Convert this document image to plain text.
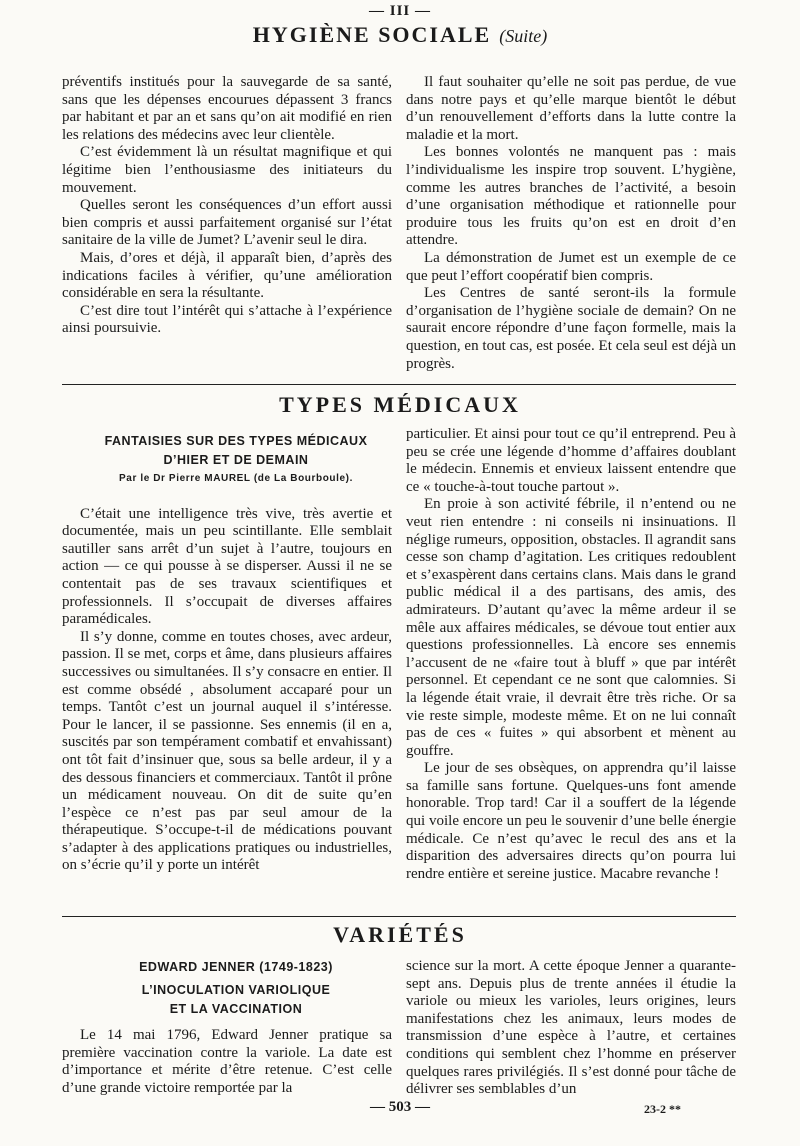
— III —
HYGIÈNE SOCIALE (Suite)

préventifs institués pour la sauvegarde de sa santé, sans que les dépenses encourues dépassent 3 francs par habitant et par an et sans qu’on ait modifié en rien les relations des médecins avec leur clientèle.

C’est évidemment là un résultat magnifique et qui légitime bien l’enthousiasme des initiateurs du mouvement.

Quelles seront les conséquences d’un effort aussi bien compris et aussi parfaitement organisé sur l’état sanitaire de la ville de Jumet? L’avenir seul le dira.

Mais, d’ores et déjà, il apparaît bien, d’après des indications faciles à vérifier, qu’une amélioration considérable en sera la résultante.

C’est dire tout l’intérêt qui s’attache à l’expérience ainsi poursuivie.

Il faut souhaiter qu’elle ne soit pas perdue, de vue dans notre pays et qu’elle marque bientôt le début d’un renouvellement d’efforts dans la lutte contre la maladie et la mort.

Les bonnes volontés ne manquent pas : mais l’individualisme les inspire trop souvent. L’hygiène, comme les autres branches de l’activité, a besoin d’une organisation méthodique et rationnelle pour produire tous les fruits qu’on est en droit d’en attendre.

La démonstration de Jumet est un exemple de ce que peut l’effort coopératif bien compris.

Les Centres de santé seront-ils la formule d’organisation de l’hygiène sociale de demain? On ne saurait encore répondre d’une façon formelle, mais la question, en tout cas, est posée. Et cela seul est déjà un progrès.

TYPES MÉDICAUX

FANTAISIES SUR DES TYPES MÉDICAUX

D’HIER ET DE DEMAIN

Par le Dr Pierre MAUREL (de La Bourboule).

C’était une intelligence très vive, très avertie et documentée, mais un peu scintillante. Elle semblait sautiller sans arrêt d’un sujet à l’autre, toujours en action — ce qui pousse à se disperser. Aussi il ne se contentait pas de ses travaux scientifiques et professionnels. Il s’occupait de diverses affaires paramédicales.

Il s’y donne, comme en toutes choses, avec ardeur, passion. Il se met, corps et âme, dans plusieurs affaires successives ou simultanées. Il s’y consacre en entier. Il est comme obsédé , absolument accaparé pour un temps. Tantôt c’est un journal auquel il s’intéresse. Pour le lancer, il se passionne. Ses ennemis (il en a, suscités par son tempérament combatif et envahissant) ont tôt fait d’insinuer que, sous sa belle ardeur, il y a des dessous financiers et commerciaux. Tantôt il prône un médicament nouveau. On dit de suite qu’en l’espèce ce n’est pas par seul amour de la thérapeutique. S’occupe-t-il de médications pouvant s’adapter à des applications pratiques ou industrielles, on s’écrie qu’il y porte un intérêt

particulier. Et ainsi pour tout ce qu’il entreprend. Peu à peu se crée une légende d’homme d’affaires doublant le médecin. Ennemis et envieux laissent entendre que ce « touche-à-tout touche partout ».

En proie à son activité fébrile, il n’entend ou ne veut rien entendre : ni conseils ni insinuations. Il néglige rumeurs, opposition, obstacles. Il agrandit sans cesse son champ d’agitation. Les critiques redoublent et s’exaspèrent dans certains clans. Mais dans le grand public médical il a des partisans, des amis, des admirateurs. D’autant qu’avec la même ardeur il se mêle aux affaires médicales, se dévoue tout entier aux questions professionnelles. Là encore ses ennemis l’accusent de ne «faire tout à bluff » que par intérêt personnel. Et cependant ce ne sont que calomnies. Si la légende était vraie, il devrait être très riche. Or sa vie reste simple, modeste même. Et on ne lui connaît pas de ces « fuites » qui absorbent et mènent au gouffre.

Le jour de ses obsèques, on apprendra qu’il laisse sa famille sans fortune. Quelques-uns font amende honorable. Trop tard! Car il a souffert de la légende qui voile encore un peu le souvenir d’une belle énergie médicale. Ce n’est qu’avec le recul des ans et la disparition des adversaires directs qu’on pourra lui rendre entière et sereine justice. Macabre revanche !

VARIÉTÉS

EDWARD JENNER (1749-1823)

L’INOCULATION VARIOLIQUE

ET LA VACCINATION

Le 14 mai 1796, Edward Jenner pratique sa première vaccination contre la variole. La date est d’importance et mérite d’être retenue. C’est celle d’une grande victoire remportée par la

science sur la mort. A cette époque Jenner a quarante-sept ans. Depuis plus de trente années il étudie la variole ou mieux les varioles, leurs origines, leurs manifestations chez les animaux, leurs modes de transmission d’une espèce à l’autre, et certaines conditions qui semblent chez l’homme en préserver quelques rares privilégiés. Il s’est donné pour tâche de délivrer ses semblables d’un

— 503 —	23-2 **
